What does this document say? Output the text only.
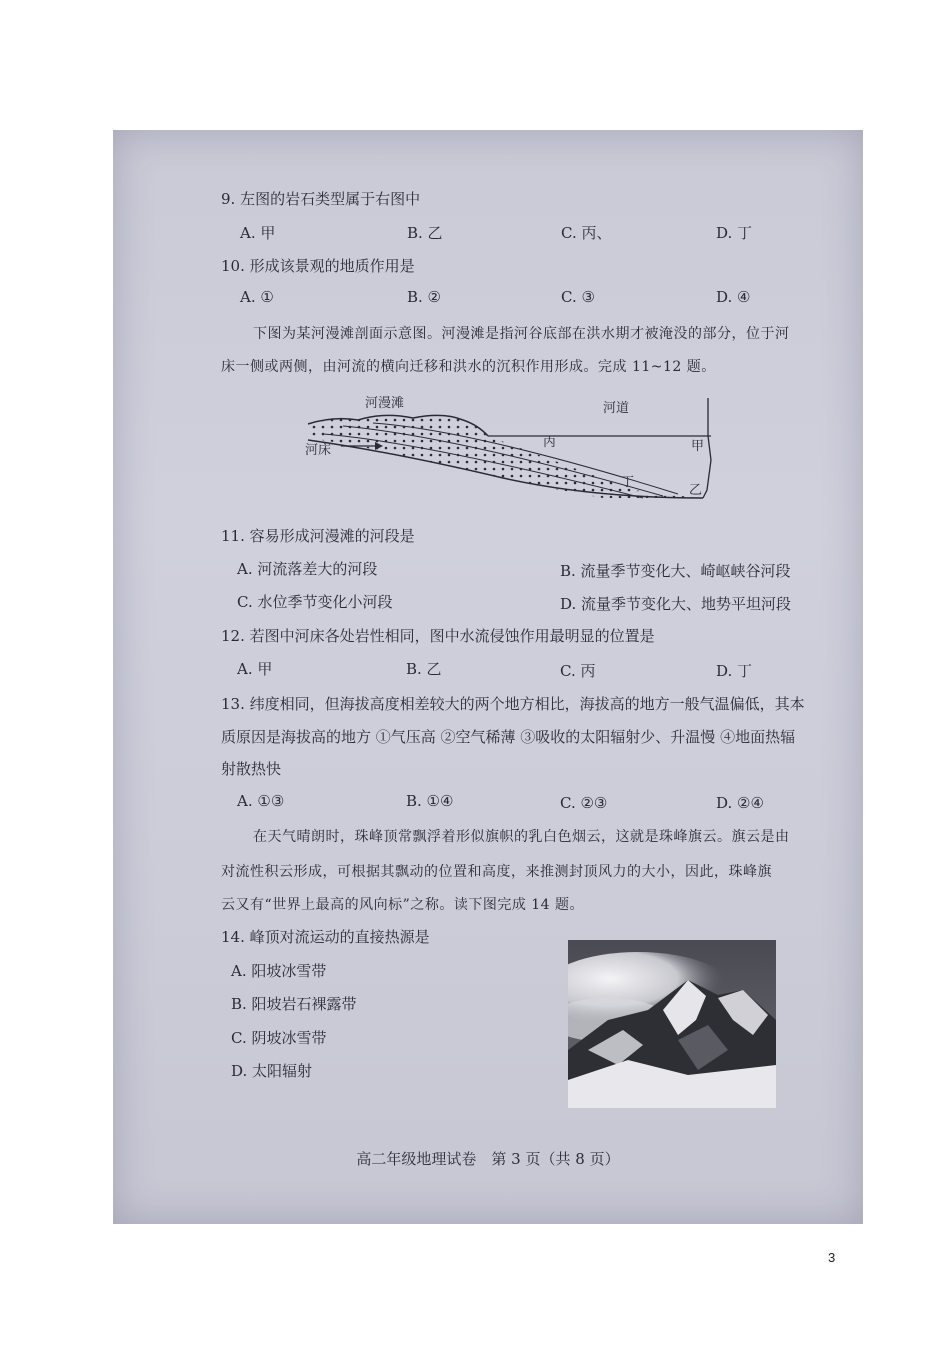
9. 左图的岩石类型属于右图中
A. 甲	B. 乙	C. 丙、	D. 丁
10. 形成该景观的地质作用是
A. ①	B. ②	C. ③	D. ④
下图为某河漫滩剖面示意图。河漫滩是指河谷底部在洪水期才被淹没的部分，位于河
床一侧或两侧，由河流的横向迁移和洪水的沉积作用形成。完成 11~12 题。
河漫滩	河道
河床	甲
乙
丙
丁
11. 容易形成河漫滩的河段是
A. 河流落差大的河段	B. 流量季节变化大、崎岖峡谷河段
C. 水位季节变化小河段	D. 流量季节变化大、地势平坦河段
12. 若图中河床各处岩性相同，图中水流侵蚀作用最明显的位置是
A. 甲	B. 乙	C. 丙	D. 丁
13. 纬度相同，但海拔高度相差较大的两个地方相比，海拔高的地方一般气温偏低，其本
质原因是海拔高的地方 ①气压高 ②空气稀薄 ③吸收的太阳辐射少、升温慢 ④地面热辐
射散热快
A. ①③	B. ①④	C. ②③	D. ②④
在天气晴朗时，珠峰顶常飘浮着形似旗帜的乳白色烟云，这就是珠峰旗云。旗云是由
对流性积云形成，可根据其飘动的位置和高度，来推测封顶风力的大小，因此，珠峰旗
云又有“世界上最高的风向标”之称。读下图完成 14 题。
14. 峰顶对流运动的直接热源是
A. 阳坡冰雪带
B. 阳坡岩石裸露带
C. 阴坡冰雪带
D. 太阳辐射
高二年级地理试卷　第 3 页（共 8 页）
3
